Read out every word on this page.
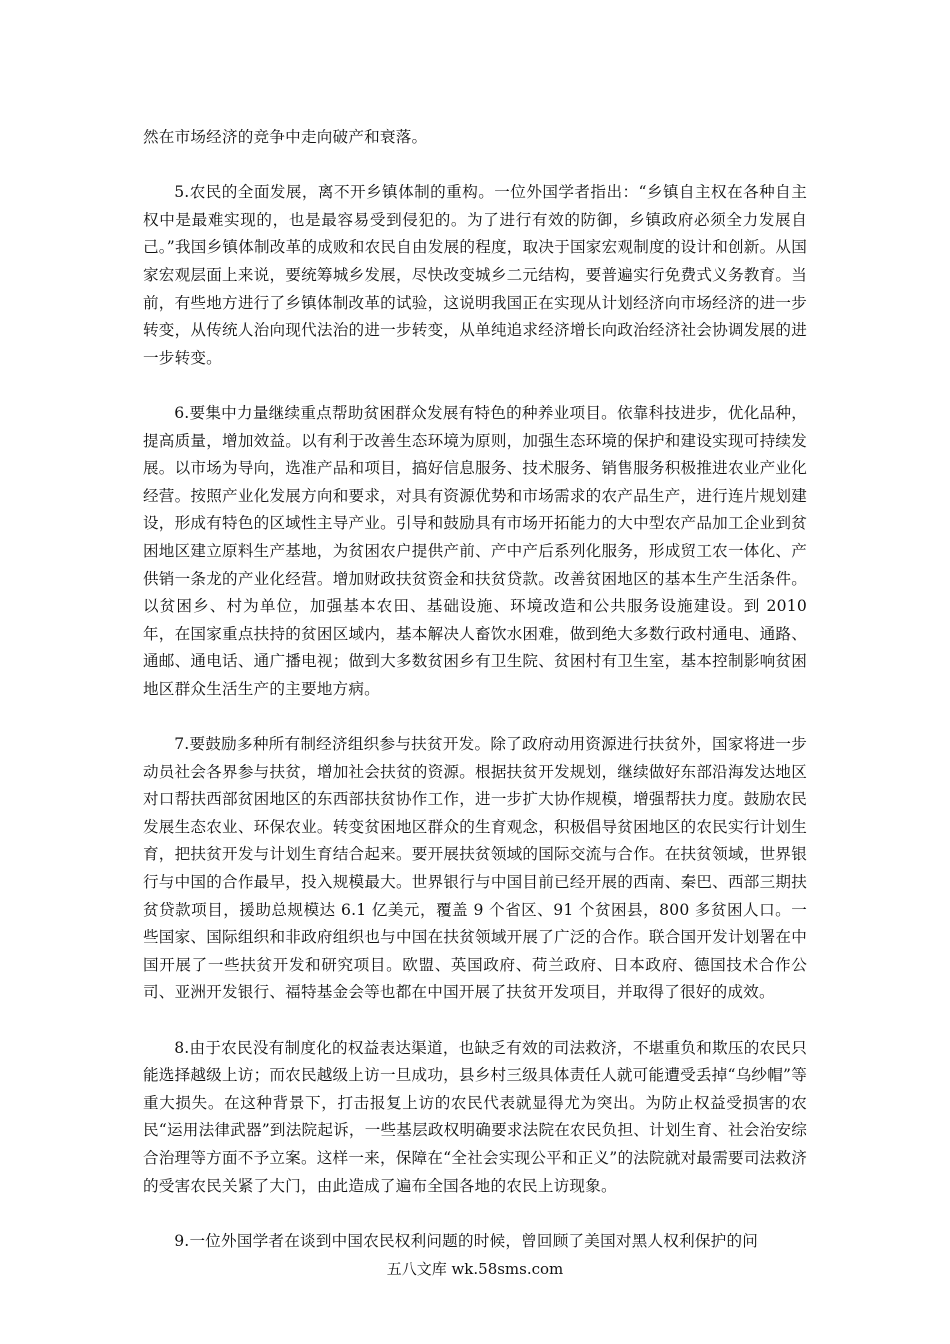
然在市场经济的竞争中走向破产和衰落。

5.农民的全面发展，离不开乡镇体制的重构。一位外国学者指出：“乡镇自主权在各种自主权中是最难实现的，也是最容易受到侵犯的。为了进行有效的防御，乡镇政府必须全力发展自己。”我国乡镇体制改革的成败和农民自由发展的程度，取决于国家宏观制度的设计和创新。从国家宏观层面上来说，要统筹城乡发展，尽快改变城乡二元结构，要普遍实行免费式义务教育。当前，有些地方进行了乡镇体制改革的试验，这说明我国正在实现从计划经济向市场经济的进一步转变，从传统人治向现代法治的进一步转变，从单纯追求经济增长向政治经济社会协调发展的进一步转变。

6.要集中力量继续重点帮助贫困群众发展有特色的种养业项目。依靠科技进步，优化品种，提高质量，增加效益。以有利于改善生态环境为原则，加强生态环境的保护和建设实现可持续发展。以市场为导向，选准产品和项目，搞好信息服务、技术服务、销售服务积极推进农业产业化经营。按照产业化发展方向和要求，对具有资源优势和市场需求的农产品生产，进行连片规划建设，形成有特色的区域性主导产业。引导和鼓励具有市场开拓能力的大中型农产品加工企业到贫困地区建立原料生产基地，为贫困农户提供产前、产中产后系列化服务，形成贸工农一体化、产供销一条龙的产业化经营。增加财政扶贫资金和扶贫贷款。改善贫困地区的基本生产生活条件。以贫困乡、村为单位，加强基本农田、基础设施、环境改造和公共服务设施建设。到 2010 年，在国家重点扶持的贫困区域内，基本解决人畜饮水困难，做到绝大多数行政村通电、通路、通邮、通电话、通广播电视；做到大多数贫困乡有卫生院、贫困村有卫生室，基本控制影响贫困地区群众生活生产的主要地方病。

7.要鼓励多种所有制经济组织参与扶贫开发。除了政府动用资源进行扶贫外，国家将进一步动员社会各界参与扶贫，增加社会扶贫的资源。根据扶贫开发规划，继续做好东部沿海发达地区对口帮扶西部贫困地区的东西部扶贫协作工作，进一步扩大协作规模，增强帮扶力度。鼓励农民发展生态农业、环保农业。转变贫困地区群众的生育观念，积极倡导贫困地区的农民实行计划生育，把扶贫开发与计划生育结合起来。要开展扶贫领域的国际交流与合作。在扶贫领域，世界银行与中国的合作最早，投入规模最大。世界银行与中国目前已经开展的西南、秦巴、西部三期扶贫贷款项目，援助总规模达 6.1 亿美元，覆盖 9 个省区、91 个贫困县，800 多贫困人口。一些国家、国际组织和非政府组织也与中国在扶贫领域开展了广泛的合作。联合国开发计划署在中国开展了一些扶贫开发和研究项目。欧盟、英国政府、荷兰政府、日本政府、德国技术合作公司、亚洲开发银行、福特基金会等也都在中国开展了扶贫开发项目，并取得了很好的成效。

8.由于农民没有制度化的权益表达渠道，也缺乏有效的司法救济，不堪重负和欺压的农民只能选择越级上访；而农民越级上访一旦成功，县乡村三级具体责任人就可能遭受丢掉“乌纱帽”等重大损失。在这种背景下，打击报复上访的农民代表就显得尤为突出。为防止权益受损害的农民“运用法律武器”到法院起诉，一些基层政权明确要求法院在农民负担、计划生育、社会治安综合治理等方面不予立案。这样一来，保障在“全社会实现公平和正义”的法院就对最需要司法救济的受害农民关紧了大门，由此造成了遍布全国各地的农民上访现象。

9.一位外国学者在谈到中国农民权利问题的时候，曾回顾了美国对黑人权利保护的问

五八文库 wk.58sms.com
